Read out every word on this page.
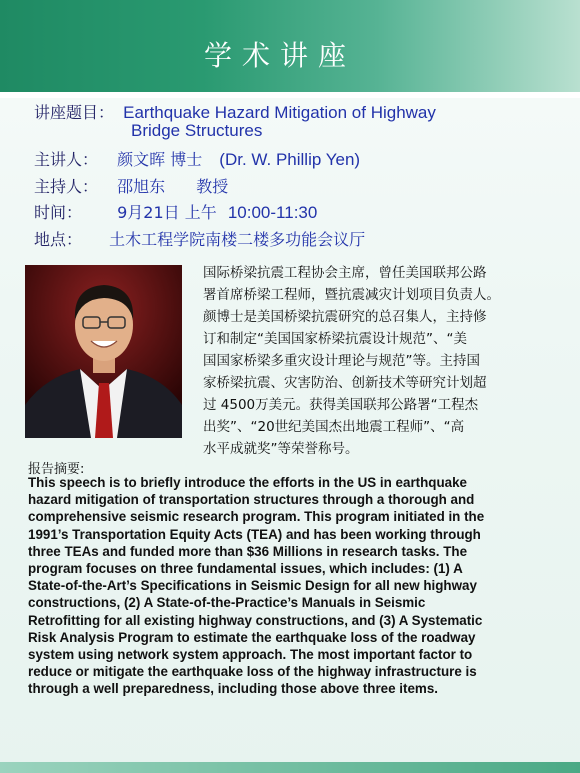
学术讲座
讲座题目： Earthquake Hazard Mitigation of Highway
Bridge Structures
主讲人： 颜文晖 博士 (Dr. W. Phillip Yen)
主持人： 邵旭东 教授
时间： 9月21日 上午 10:00-11:30
地点： 土木工程学院南楼二楼多功能会议厅
国际桥梁抗震工程协会主席，曾任美国联邦公路
署首席桥梁工程师，暨抗震减灾计划项目负责人。
颜博士是美国桥梁抗震研究的总召集人，主持修
订和制定“美国国家桥梁抗震设计规范”、“美
国国家桥梁多重灾设计理论与规范”等。主持国
家桥梁抗震、灾害防治、创新技术等研究计划超
过 4500万美元。获得美国联邦公路署“工程杰
出奖”、“20世纪美国杰出地震工程师”、“高
水平成就奖”等荣誉称号。
报告摘要:
This speech is to briefly introduce the efforts in the US in earthquake
hazard mitigation of transportation structures through a thorough and
comprehensive seismic research program. This program initiated in the
1991’s Transportation Equity Acts (TEA) and has been working through
three TEAs and funded more than $36 Millions in research tasks. The
program focuses on three fundamental issues, which includes: (1) A
State-of-the-Art’s Specifications in Seismic Design for all new highway
constructions, (2) A State-of-the-Practice’s Manuals in Seismic
Retrofitting for all existing highway constructions, and (3) A Systematic
Risk Analysis Program to estimate the earthquake loss of the roadway
system using network system approach. The most important factor to
reduce or mitigate the earthquake loss of the highway infrastructure is
through a well preparedness, including those above three items.
